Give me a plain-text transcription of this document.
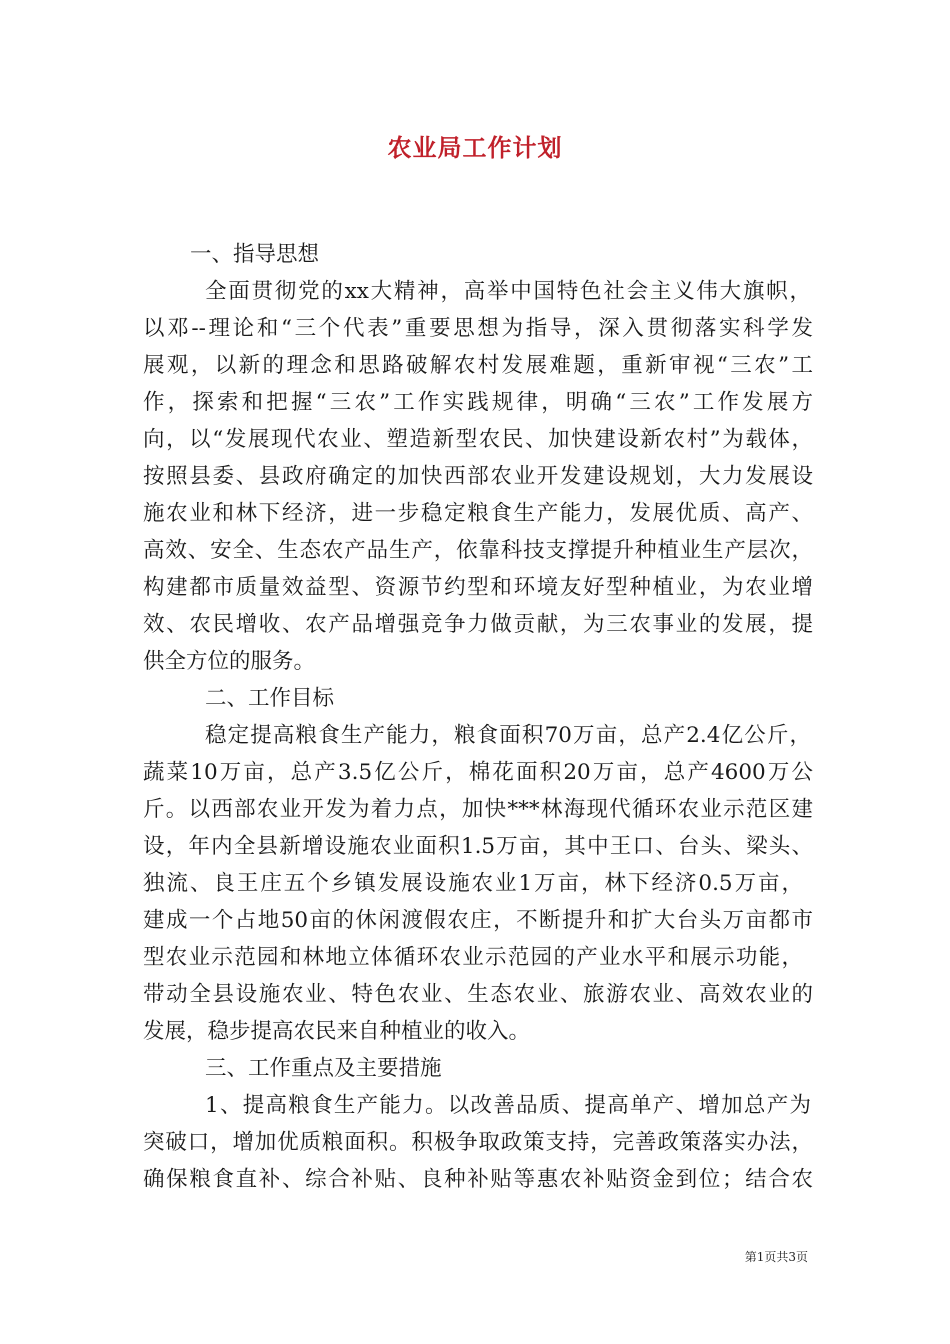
农业局工作计划
一、指导思想
全面贯彻党的xx大精神，高举中国特色社会主义伟大旗帜，
以邓--理论和“三个代表”重要思想为指导，深入贯彻落实科学发
展观，以新的理念和思路破解农村发展难题，重新审视“三农”工
作，探索和把握“三农”工作实践规律，明确“三农”工作发展方
向，以“发展现代农业、塑造新型农民、加快建设新农村”为载体，
按照县委、县政府确定的加快西部农业开发建设规划，大力发展设
施农业和林下经济，进一步稳定粮食生产能力，发展优质、高产、
高效、安全、生态农产品生产，依靠科技支撑提升种植业生产层次，
构建都市质量效益型、资源节约型和环境友好型种植业，为农业增
效、农民增收、农产品增强竞争力做贡献，为三农事业的发展，提
供全方位的服务。
二、工作目标
稳定提高粮食生产能力，粮食面积70万亩，总产2.4亿公斤，
蔬菜10万亩，总产3.5亿公斤，棉花面积20万亩，总产4600万公
斤。以西部农业开发为着力点，加快***林海现代循环农业示范区建
设，年内全县新增设施农业面积1.5万亩，其中王口、台头、梁头、
独流、良王庄五个乡镇发展设施农业1万亩，林下经济0.5万亩，
建成一个占地50亩的休闲渡假农庄，不断提升和扩大台头万亩都市
型农业示范园和林地立体循环农业示范园的产业水平和展示功能，
带动全县设施农业、特色农业、生态农业、旅游农业、高效农业的
发展，稳步提高农民来自种植业的收入。
三、工作重点及主要措施
1、提高粮食生产能力。以改善品质、提高单产、增加总产为
突破口，增加优质粮面积。积极争取政策支持，完善政策落实办法，
确保粮食直补、综合补贴、良种补贴等惠农补贴资金到位；结合农
第1页共3页
